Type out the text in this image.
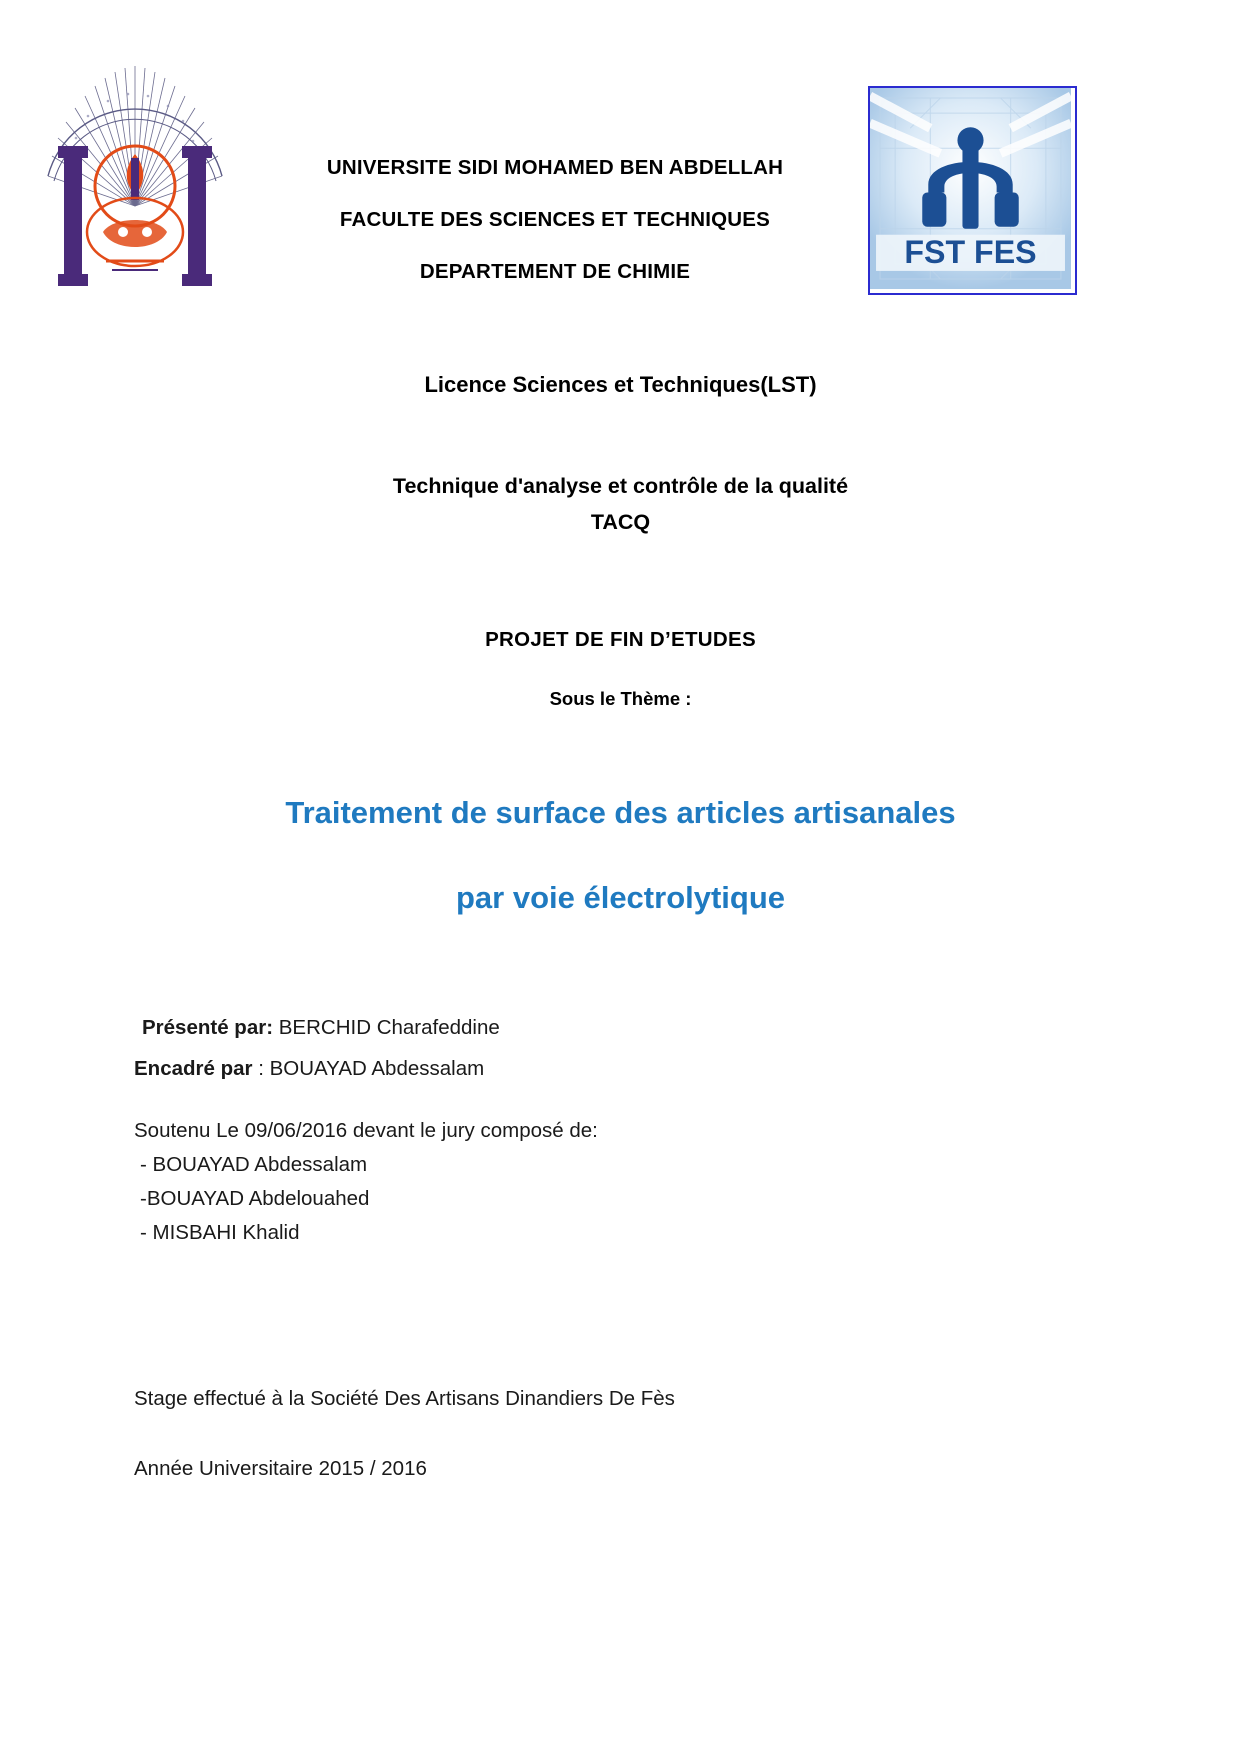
UNIVERSITE SIDI MOHAMED BEN ABDELLAH
FACULTE DES SCIENCES ET TECHNIQUES
DEPARTEMENT DE CHIMIE
FST FES
Licence Sciences et Techniques(LST)
Technique d'analyse et contrôle de la qualité
TACQ
PROJET DE FIN D’ETUDES
Sous le Thème :
Traitement de surface des articles artisanales
par voie électrolytique
Présenté par: BERCHID Charafeddine
Encadré par : BOUAYAD Abdessalam
Soutenu Le 09/06/2016 devant le jury composé de:
- BOUAYAD Abdessalam
-BOUAYAD Abdelouahed
- MISBAHI Khalid
Stage effectué à la Société Des Artisans Dinandiers De Fès
Année Universitaire 2015 / 2016
